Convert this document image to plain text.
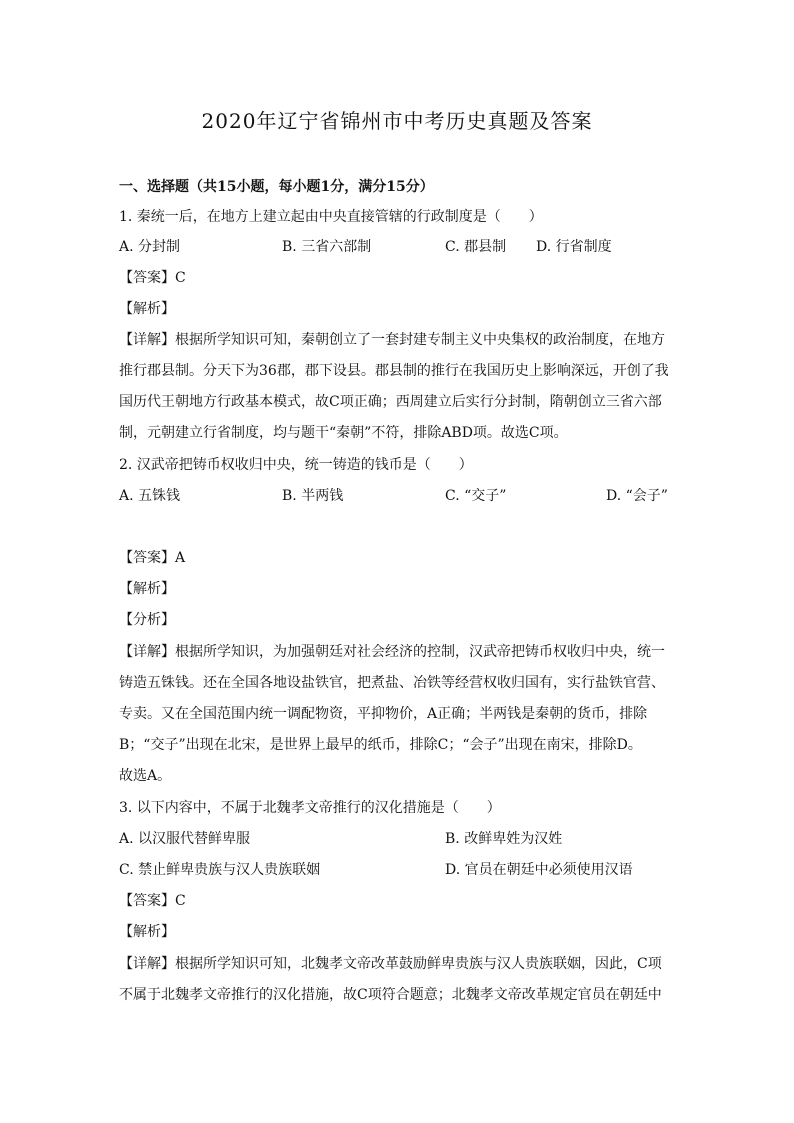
2020年辽宁省锦州市中考历史真题及答案
一、选择题（共15小题，每小题1分，满分15分）
1. 秦统一后，在地方上建立起由中央直接管辖的行政制度是（　　）
A. 分封制	B. 三省六部制	C. 郡县制 D. 行省制度
【答案】C
【解析】
【详解】根据所学知识可知，秦朝创立了一套封建专制主义中央集权的政治制度，在地方
推行郡县制。分天下为36郡，郡下设县。郡县制的推行在我国历史上影响深远，开创了我
国历代王朝地方行政基本模式，故C项正确；西周建立后实行分封制，隋朝创立三省六部
制，元朝建立行省制度，均与题干“秦朝”不符，排除ABD项。故选C项。
2. 汉武帝把铸币权收归中央，统一铸造的钱币是（　　）
A. 五铢钱	B. 半两钱	C. “交子”	D. “会子”
【答案】A
【解析】
【分析】
【详解】根据所学知识，为加强朝廷对社会经济的控制，汉武帝把铸币权收归中央，统一
铸造五铢钱。还在全国各地设盐铁官，把煮盐、冶铁等经营权收归国有，实行盐铁官营、
专卖。又在全国范围内统一调配物资，平抑物价，A正确；半两钱是秦朝的货币，排除
B；“交子”出现在北宋，是世界上最早的纸币，排除C；“会子”出现在南宋，排除D。
故选A。
3. 以下内容中，不属于北魏孝文帝推行的汉化措施是（　　）
A. 以汉服代替鲜卑服	B. 改鲜卑姓为汉姓
C. 禁止鲜卑贵族与汉人贵族联姻	D. 官员在朝廷中必须使用汉语
【答案】C
【解析】
【详解】根据所学知识可知，北魏孝文帝改革鼓励鲜卑贵族与汉人贵族联姻，因此，C项
不属于北魏孝文帝推行的汉化措施，故C项符合题意；北魏孝文帝改革规定官员在朝廷中
